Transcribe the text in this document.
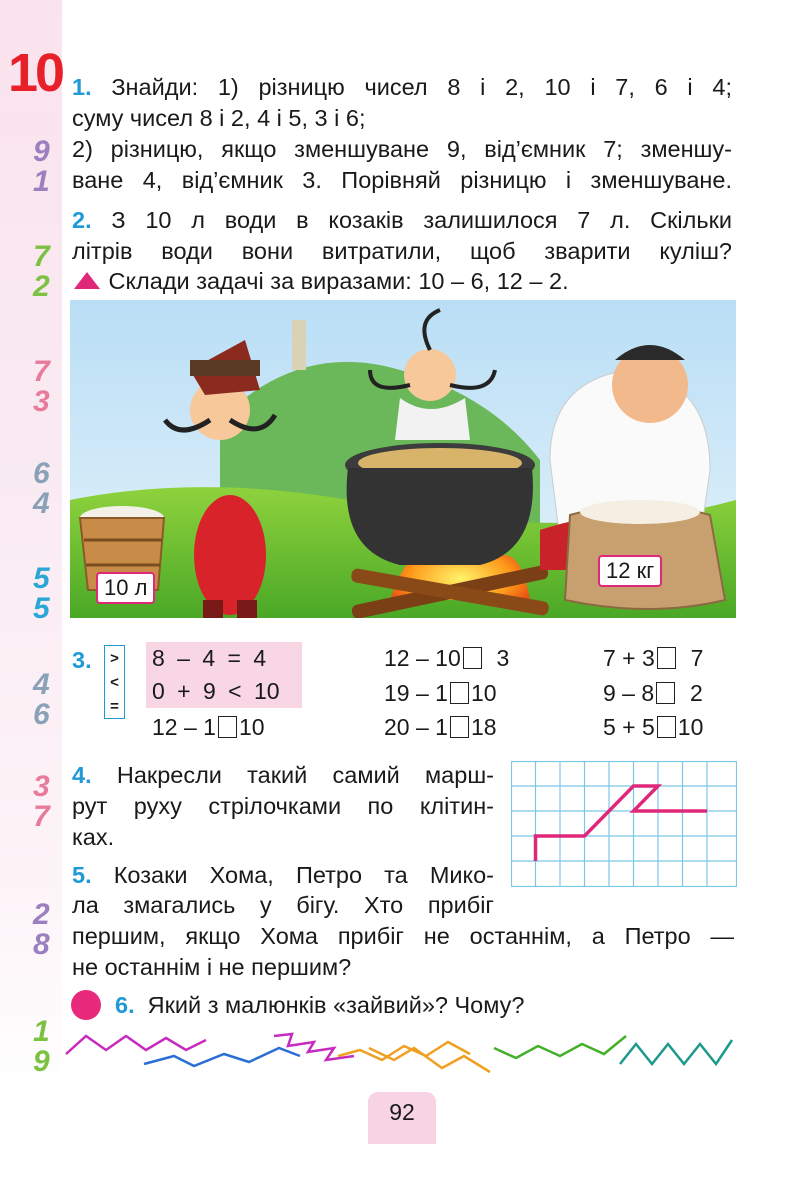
10
9
1
7
2
7
3
6
4
5
5
4
6
3
7
2
8
1
9
1. Знайди: 1) різницю чисел 8 і 2, 10 і 7, 6 і 4;
суму чисел 8 і 2, 4 і 5, 3 і 6;
2) різницю, якщо зменшуване 9, від’ємник 7; зменшу-
ване 4, від’ємник 3. Порівняй різницю і зменшуване.
2. З 10 л води в козаків залишилося 7 л. Скільки
літрів води вони витратили, щоб зварити куліш?
Склади задачі за виразами: 10 – 6, 12 – 2.
10 л
12 кг
3. >
<
=
8 – 4 = 4
0 + 9 < 10
12 – 1 10
12 – 10 3
19 – 1 10
20 – 1 18
7 + 3 7
9 – 8 2
5 + 5 10
4. Накресли такий самий марш-
рут руху стрілочками по клітин-
ках.
5. Козаки Хома, Петро та Мико-
ла змагались у бігу. Хто прибіг
першим, якщо Хома прибіг не останнім, а Петро —
не останнім і не першим?
6. Який з малюнків «зайвий»? Чому?
92
